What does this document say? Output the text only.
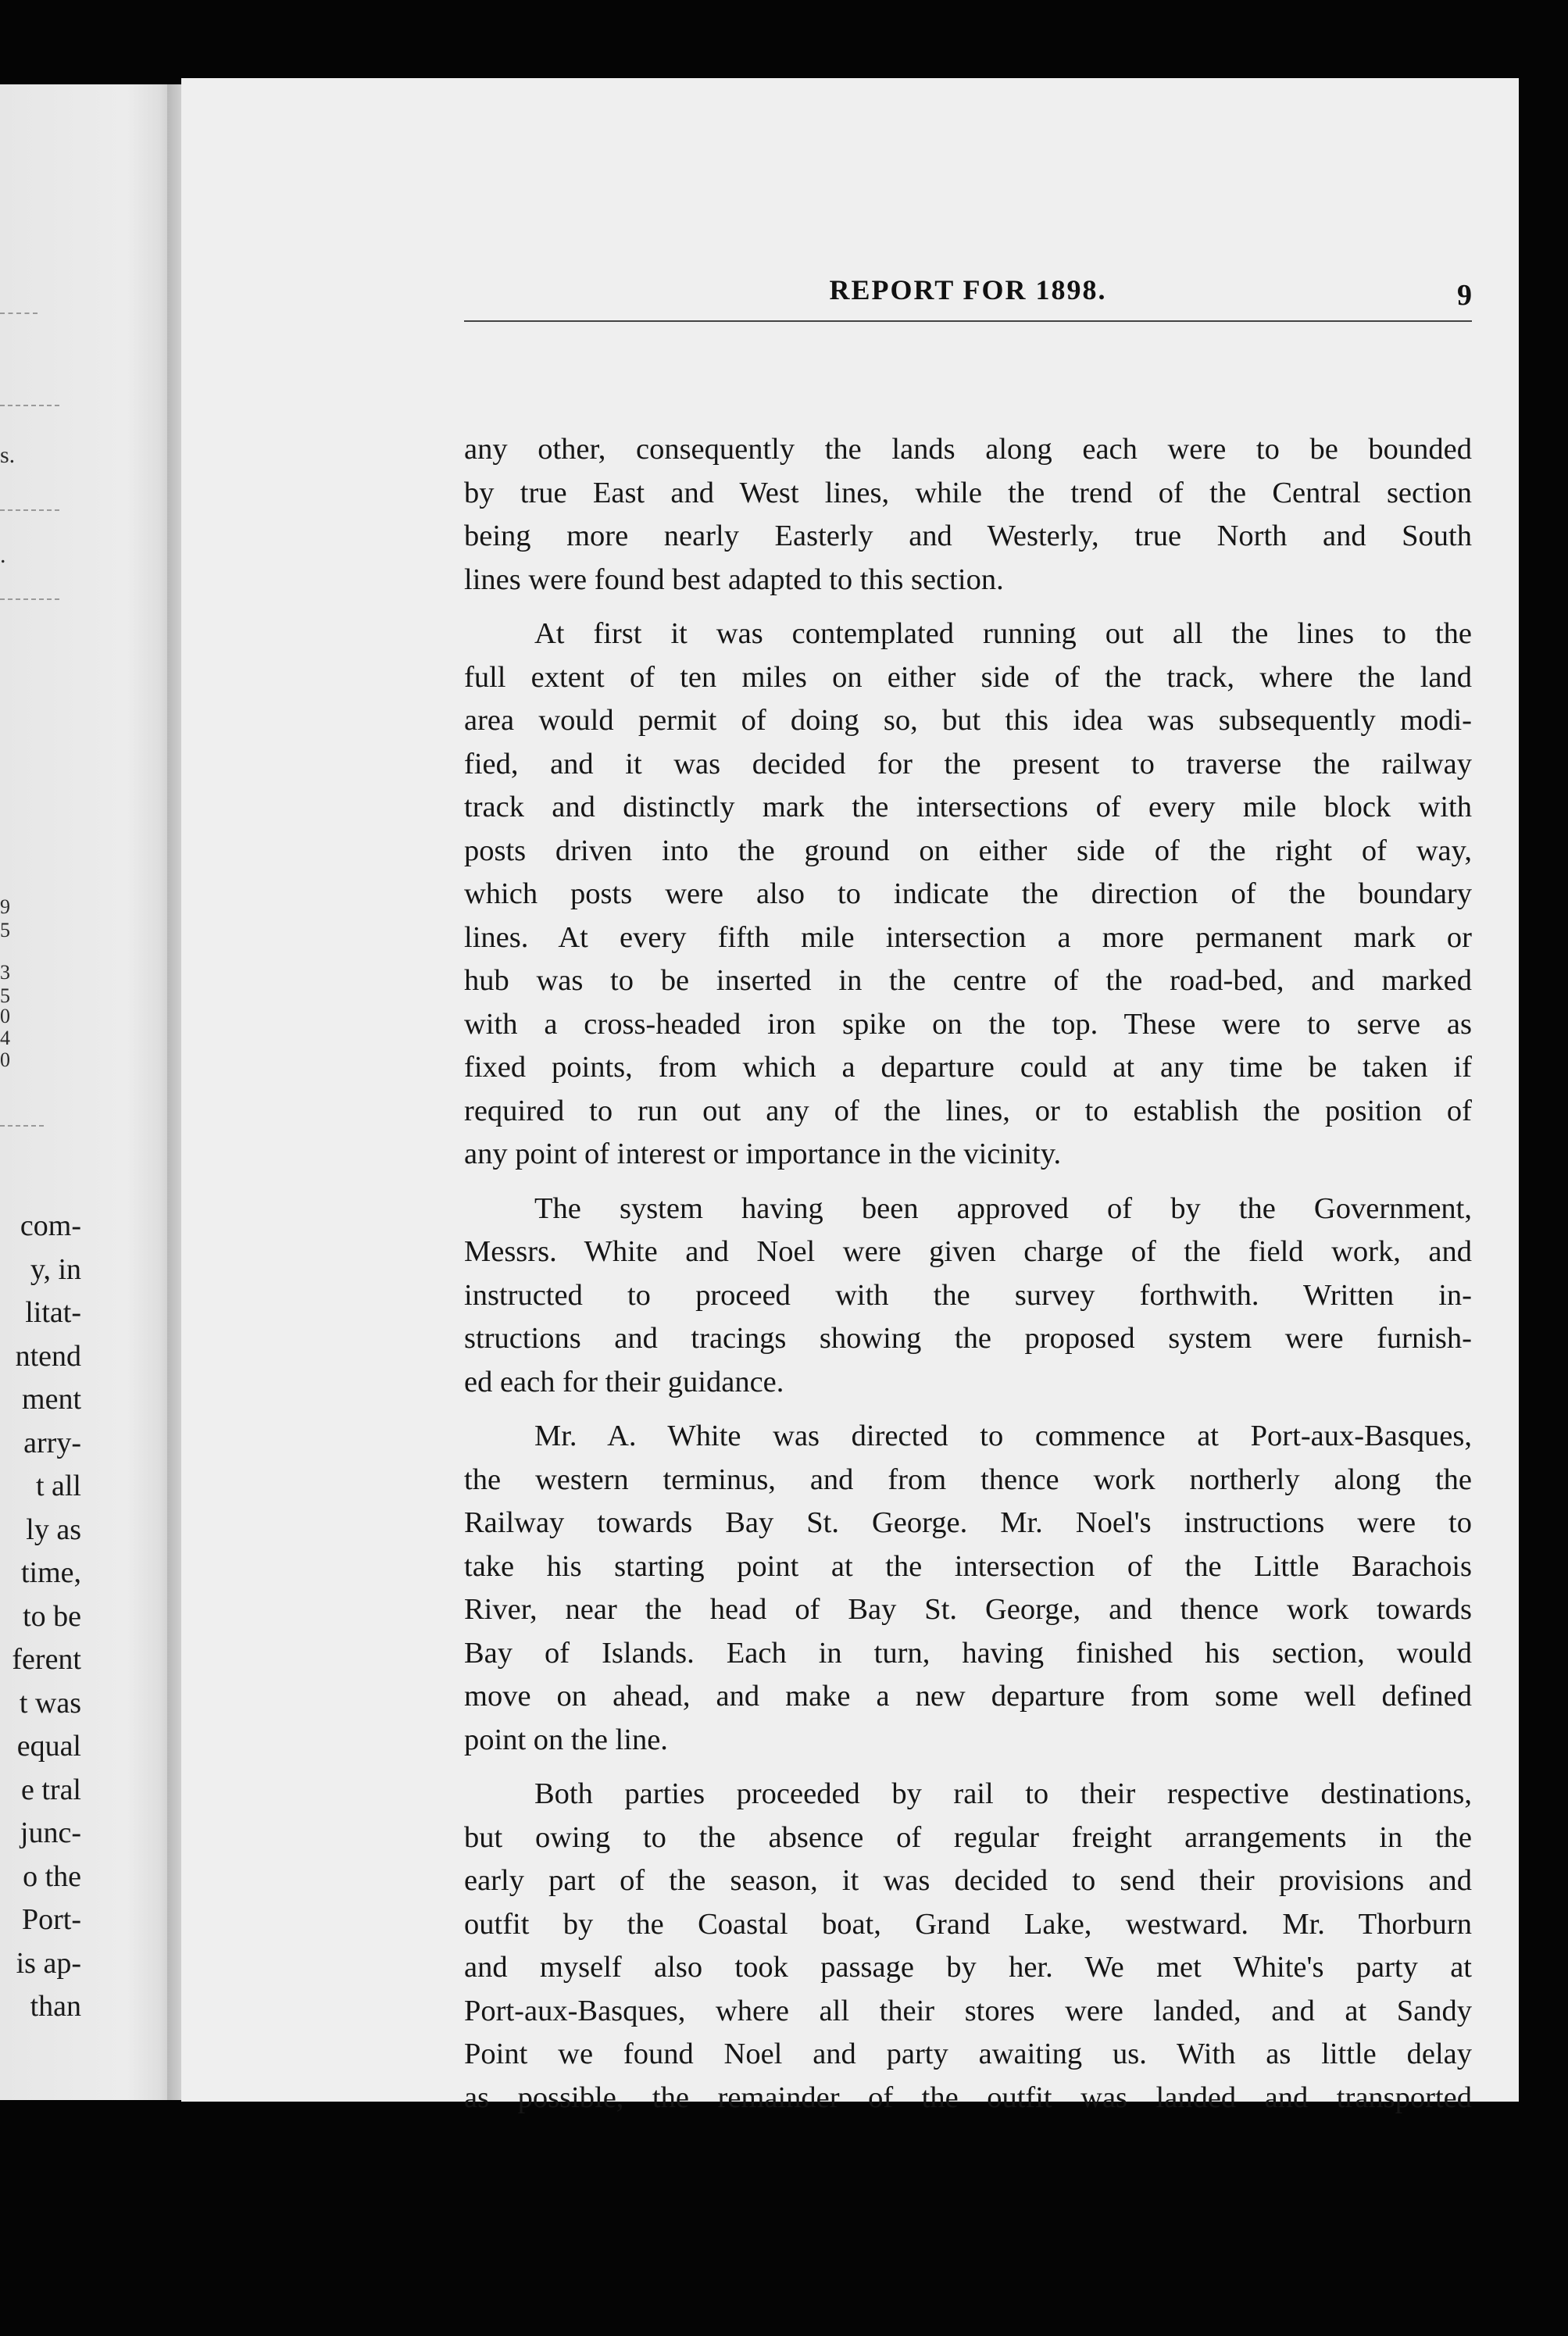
s.
.
9
5
3
5
0
4
0
com-
y, in
litat-
ntend
ment
arry-
t all
ly as
time,
to be
ferent
t was
equal
e tral
junc-
o the
Port-
is ap-
than
REPORT FOR 1898.	9
any other, consequently the lands along each were to be bounded
by true East and West lines, while the trend of the Central section
being more nearly Easterly and Westerly, true North and South
lines were found best adapted to this section.
At first it was contemplated running out all the lines to the
full extent of ten miles on either side of the track, where the land
area would permit of doing so, but this idea was subsequently modi-
fied, and it was decided for the present to traverse the railway
track and distinctly mark the intersections of every mile block with
posts driven into the ground on either side of the right of way,
which posts were also to indicate the direction of the boundary
lines. At every fifth mile intersection a more permanent mark or
hub was to be inserted in the centre of the road-bed, and marked
with a cross-headed iron spike on the top. These were to serve as
fixed points, from which a departure could at any time be taken if
required to run out any of the lines, or to establish the position of
any point of interest or importance in the vicinity.
The system having been approved of by the Government,
Messrs. White and Noel were given charge of the field work, and
instructed to proceed with the survey forthwith. Written in-
structions and tracings showing the proposed system were furnish-
ed each for their guidance.
Mr. A. White was directed to commence at Port-aux-Basques,
the western terminus, and from thence work northerly along the
Railway towards Bay St. George. Mr. Noel's instructions were to
take his starting point at the intersection of the Little Barachois
River, near the head of Bay St. George, and thence work towards
Bay of Islands. Each in turn, having finished his section, would
move on ahead, and make a new departure from some well defined
point on the line.
Both parties proceeded by rail to their respective destinations,
but owing to the absence of regular freight arrangements in the
early part of the season, it was decided to send their provisions and
outfit by the Coastal boat, Grand Lake, westward. Mr. Thorburn
and myself also took passage by her. We met White's party at
Port-aux-Basques, where all their stores were landed, and at Sandy
Point we found Noel and party awaiting us. With as little delay
as possible, the remainder of the outfit was landed and transported
